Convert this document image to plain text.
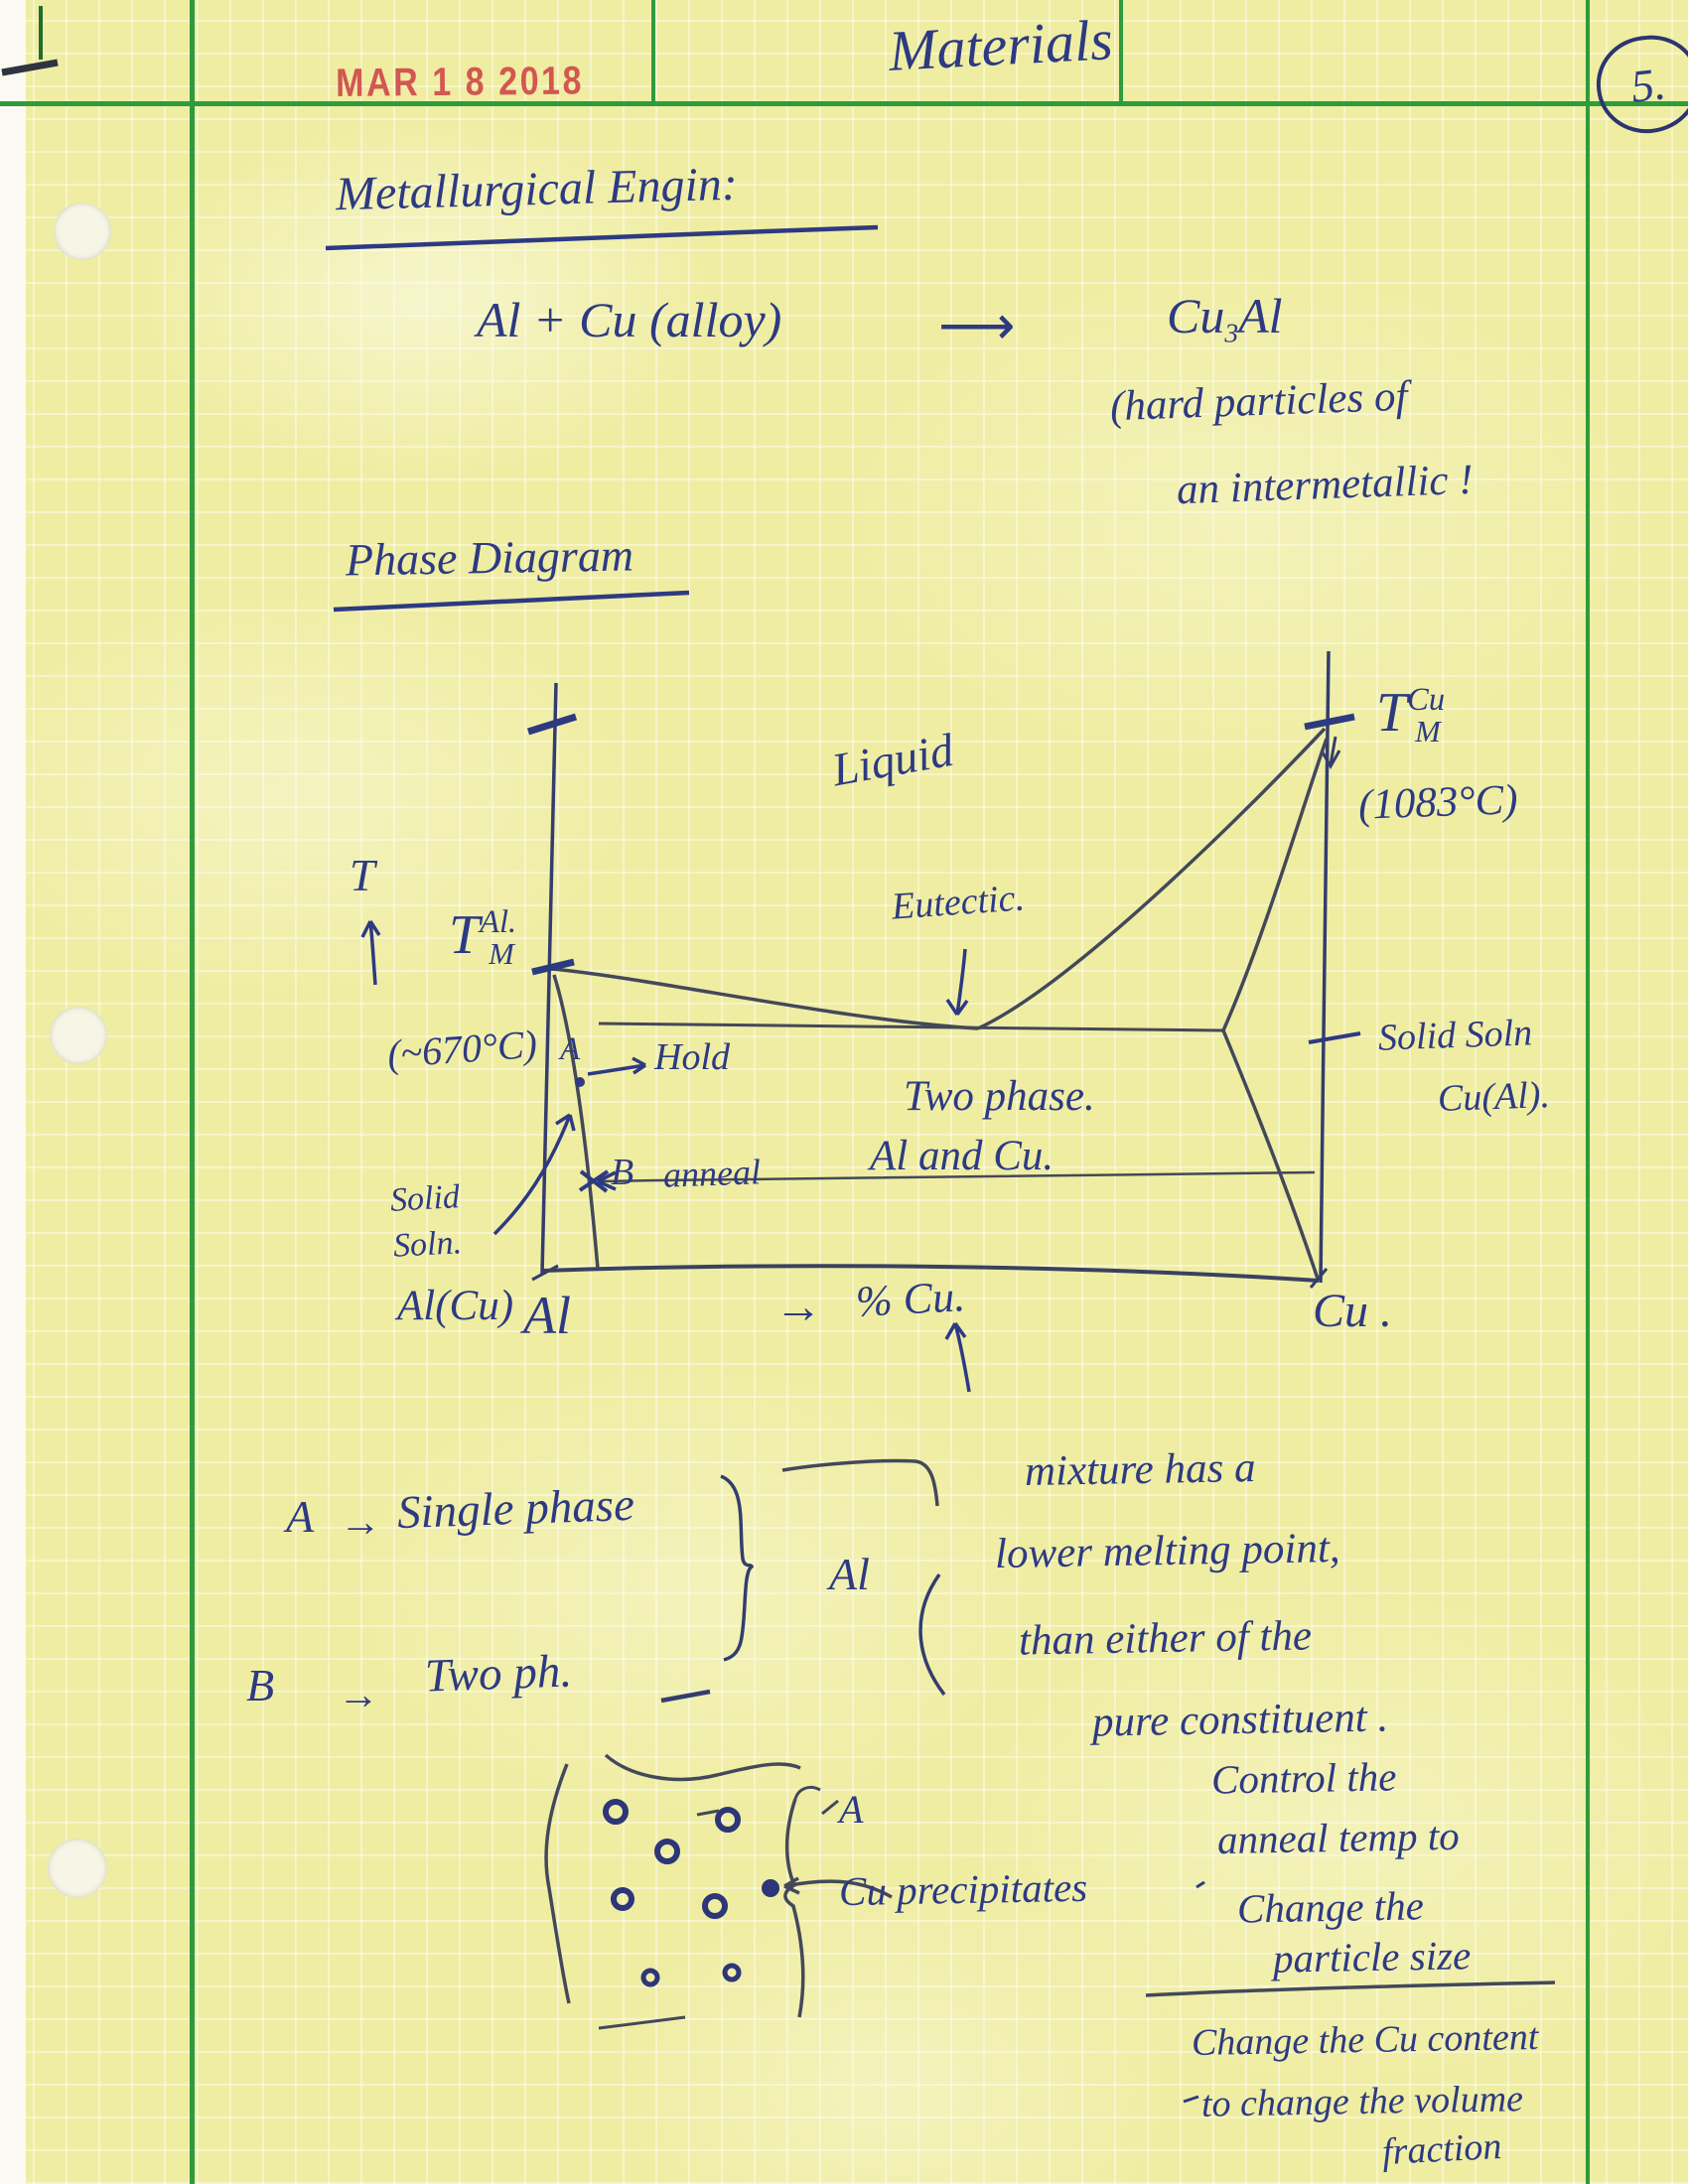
MAR 1 8 2018	Materials
5.
Metallurgical Engin:
Phase Diagram
Al + Cu (alloy)	⟶	$Cu_3Al$
(hard particles of
an intermetallic !
T
$T^{Al.}_M$
(~670°C)
$T^{Cu}_M$
(1083°C)
Liquid
Eutectic.
Two phase.
Al and Cu.
A Hold
B anneal
Solid
Soln.
Al(Cu) Al	→ % Cu.	Cu .
Solid Soln
Cu(Al).
mixture has a
lower melting point,
than either of the
pure constituent .
A → Single phase
Al
B → Two ph.
A
Cu precipitates
Control the
anneal temp to
Change the
particle size
Change the Cu content
to change the volume
fraction
